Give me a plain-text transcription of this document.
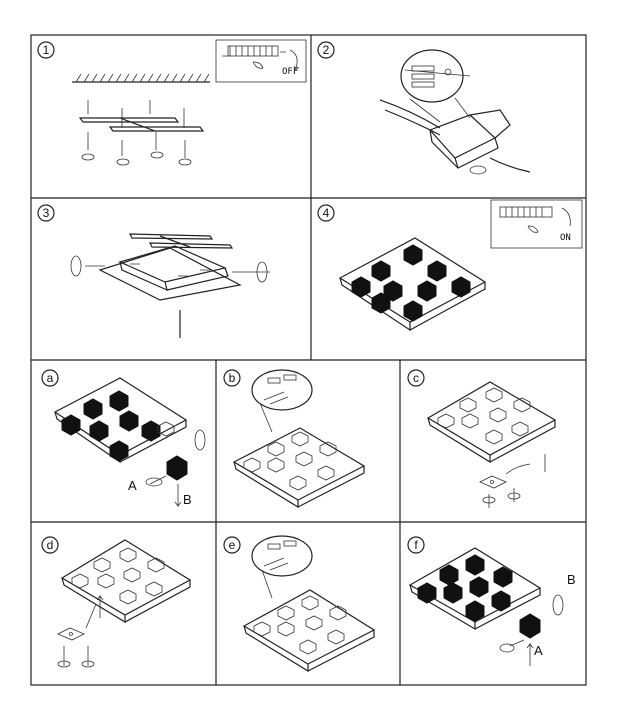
1
OFF
2
3	4
ON
a
A
B
b	c
d	e	f
B
A
